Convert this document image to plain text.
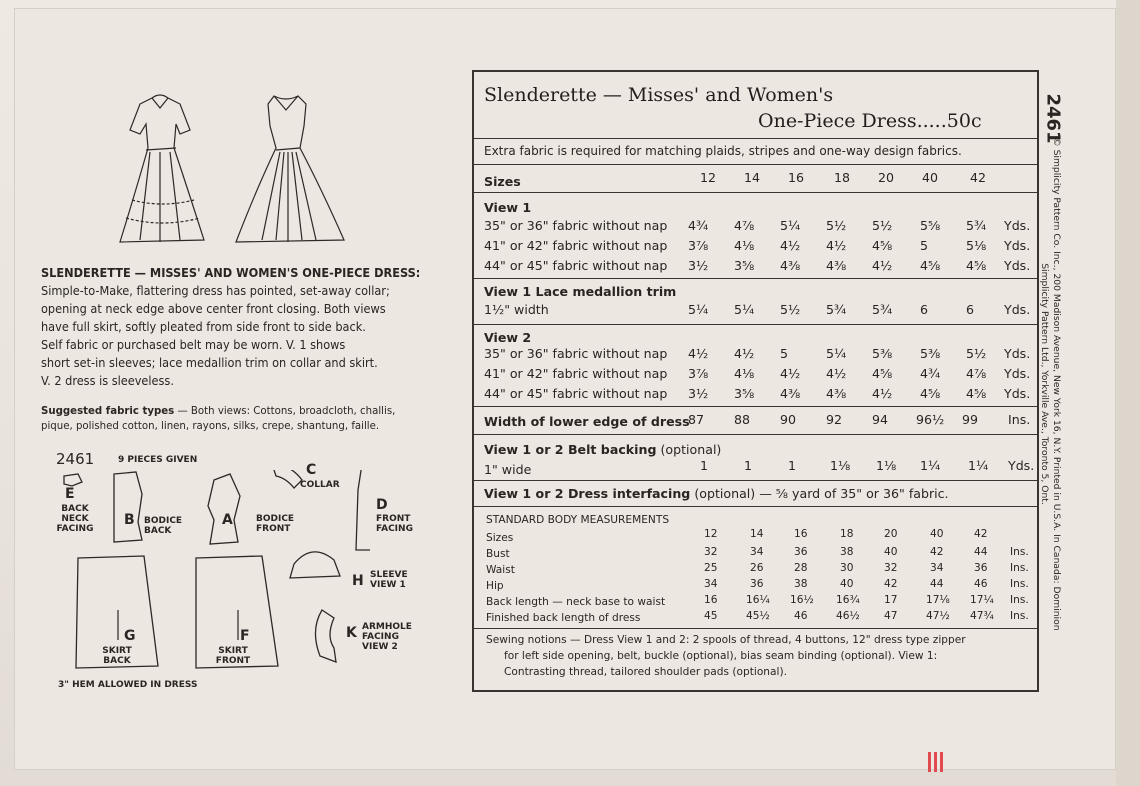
SLENDERETTE — MISSES' AND WOMEN'S ONE-PIECE DRESS:
Simple-to-Make, flattering dress has pointed, set-away collar;
opening at neck edge above center front closing. Both views
have full skirt, softly pleated from side front to side back.
Self fabric or purchased belt may be worn. V. 1 shows
short set-in sleeves; lace medallion trim on collar and skirt.
V. 2 dress is sleeveless.
Suggested fabric types — Both views: Cottons, broadcloth, challis,
pique, polished cotton, linen, rayons, silks, crepe, shantung, faille.
2461	9 PIECES GIVEN
E
BACK NECK FACING
B BODICE BACK
A	BODICE FRONT
C
COLLAR
D
FRONT FACING
H SLEEVE VIEW 1
K ARMHOLE FACING VIEW 2
G
SKIRT BACK
F
SKIRT FRONT
3" HEM ALLOWED IN DRESS
Slenderette — Misses' and Women's
One-Piece Dress.....50c
Extra fabric is required for matching plaids, stripes and one-way design fabrics.
Sizes	12 14 16 18 20 40	42
View 1
35" or 36" fabric without nap 4¾ 4⅞ 5¼ 5½ 5½ 5⅝ 5¾ Yds.
41" or 42" fabric without nap 3⅞ 4⅛ 4½ 4½ 4⅝ 5	5⅛ Yds.
44" or 45" fabric without nap 3½ 3⅝ 4⅜ 4⅜ 4½ 4⅝ 4⅝ Yds.
View 1 Lace medallion trim
1½" width	5¼ 5¼ 5½ 5¾ 5¾ 6	6 Yds.
View 2
35" or 36" fabric without nap 4½ 4½ 5	5¼ 5⅜ 5⅜ 5½ Yds.
41" or 42" fabric without nap 3⅞ 4⅛ 4½ 4½ 4⅝ 4¾ 4⅞ Yds.
44" or 45" fabric without nap 3½ 3⅝ 4⅜ 4⅜ 4½ 4⅝ 4⅝ Yds.
Width of lower edge of dress
87 88 90 92 94 96½ 99 Ins.
View 1 or 2 Belt backing (optional)
1" wide	1	1	1	1⅛ 1⅛ 1¼ 1¼ Yds.
View 1 or 2 Dress interfacing (optional) — ⅝ yard of 35" or 36" fabric.
STANDARD BODY MEASUREMENTS
Sizes	12	14	16	18	20	40	42
Bust	32	34	36	38	40	42	44 Ins.
Waist	25	26	28	30	32	34	36 Ins.
Hip	34	36	38	40	42	44	46 Ins.
Back length — neck base to waist	16	16¼ 16½ 16¾ 17	17⅛ 17¼ Ins.
Finished back length of dress	45	45½ 46	46½ 47	47½ 47¾ Ins.
Sewing notions — Dress View 1 and 2: 2 spools of thread, 4 buttons, 12" dress type zipper
for left side opening, belt, buckle (optional), bias seam binding (optional). View 1:
Contrasting thread, tailored shoulder pads (optional).
2461
© Simplicity Pattern Co. Inc., 200 Madison Avenue, New York 16, N.Y. Printed in U.S.A. In Canada: Dominion Simplicity Pattern Ltd., Yorkville Ave., Toronto 5, Ont.
